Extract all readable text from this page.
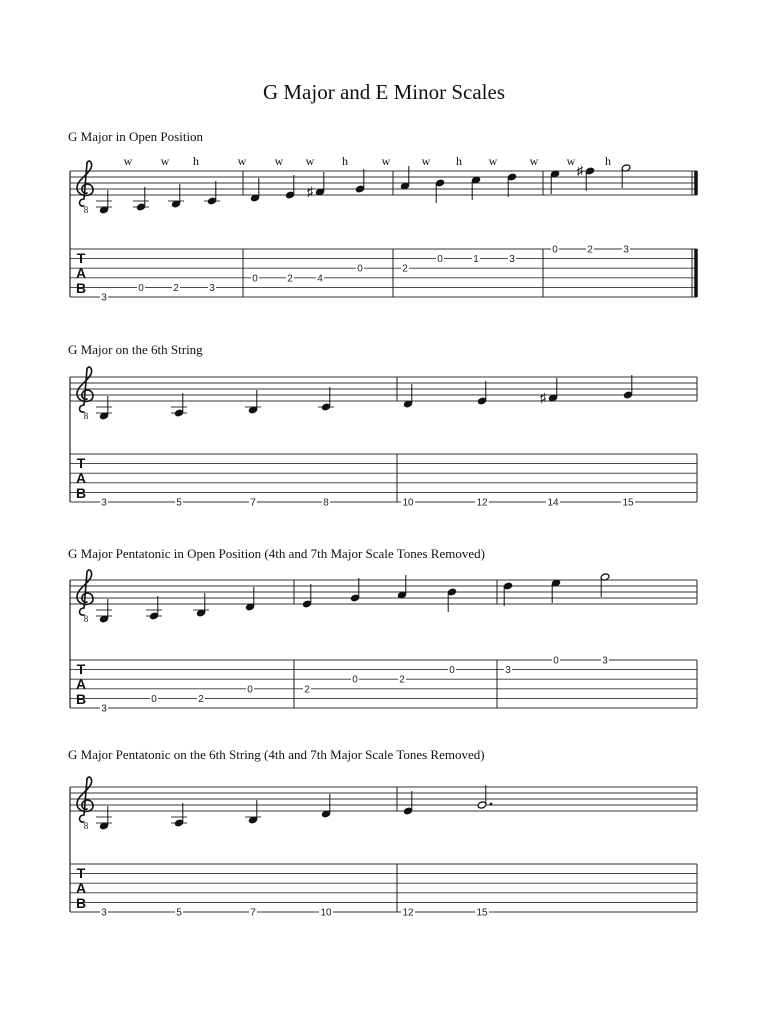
G Major and E Minor Scales
G Major in Open Position
8
T
A
B
w w h	w w w h	w	w h w	w w h
3
0	2	3
0	2
♯
4
0	2
0	1	3
0
♯
2	3
G Major on the 6th String
8
T
A
B
3	5	7	8	10	12
♯
14	15
G Major Pentatonic in Open Position (4th and 7th Major Scale Tones Removed)
8
T
A
B
3
0	2
0	2
0	2
0	3
0	3
G Major Pentatonic on the 6th String (4th and 7th Major Scale Tones Removed)
8
T
A
B
3	5	7	10	12	15
